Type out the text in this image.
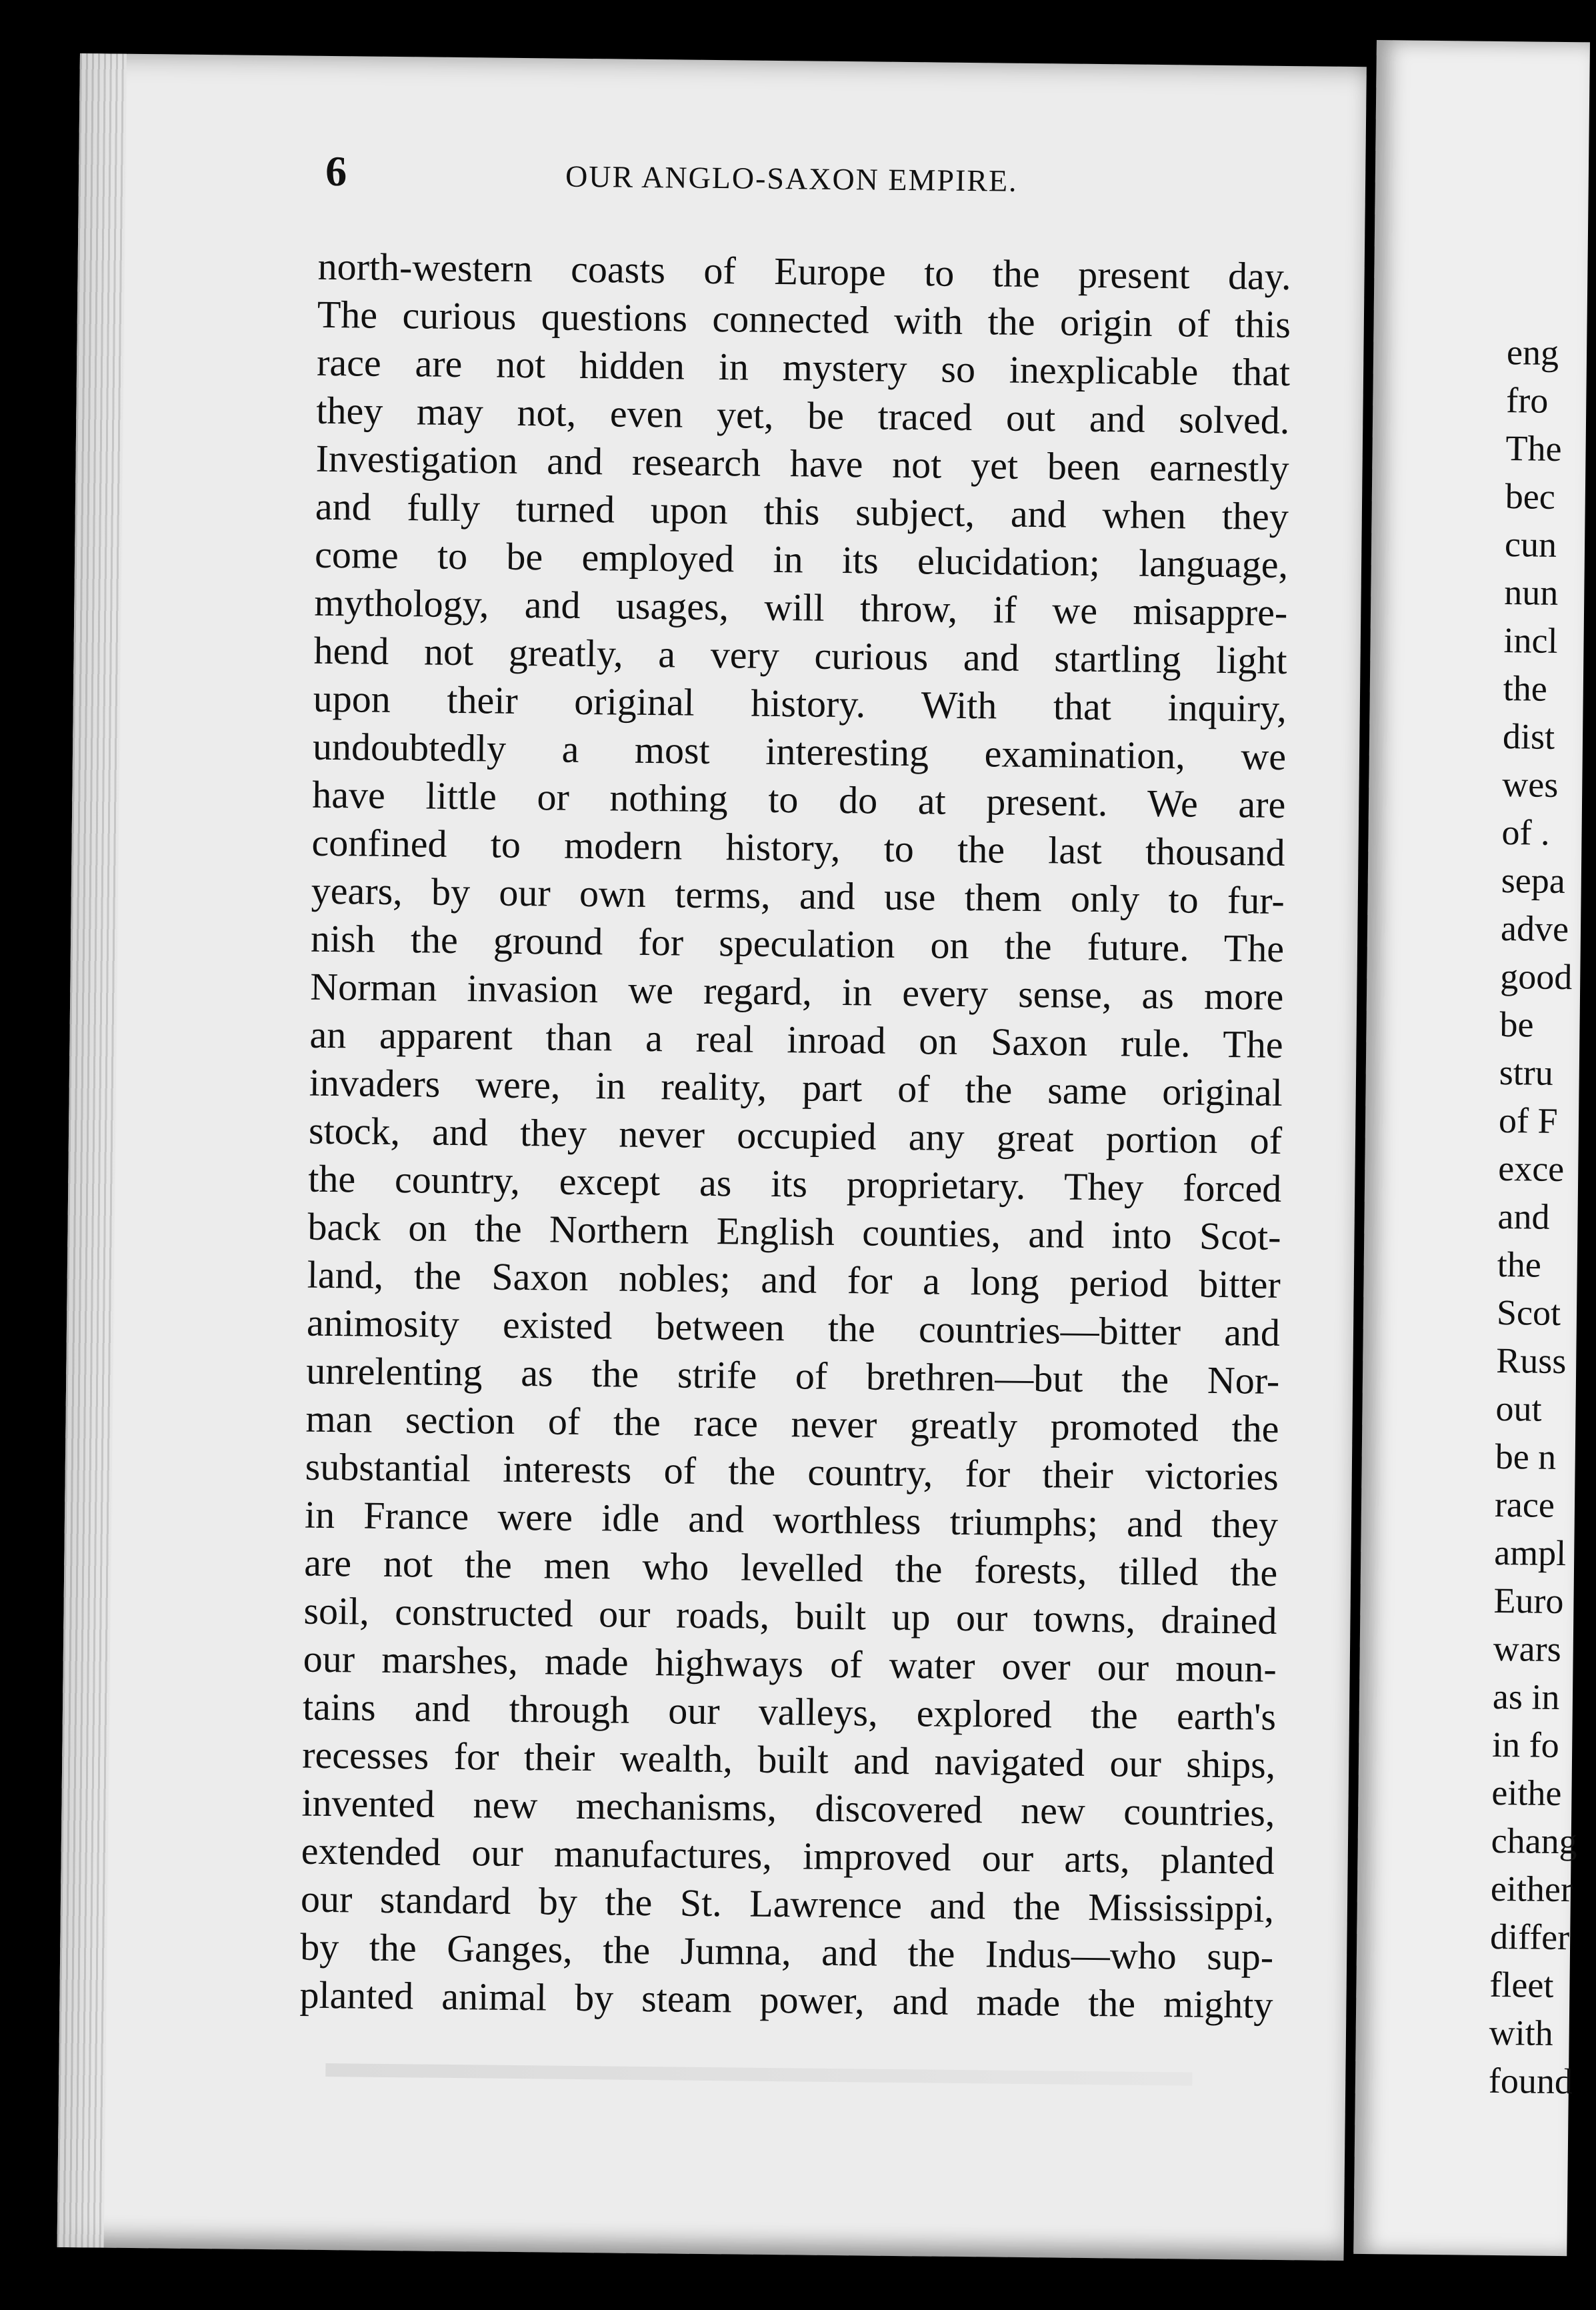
6	OUR ANGLO-SAXON EMPIRE.
north-western coasts of Europe to the present day.
The curious questions connected with the origin of this
race are not hidden in mystery so inexplicable that
they may not, even yet, be traced out and solved.
Investigation and research have not yet been earnestly
and fully turned upon this subject, and when they
come to be employed in its elucidation; language,
mythology, and usages, will throw, if we misappre-
hend not greatly, a very curious and startling light
upon their original history. With that inquiry,
undoubtedly a most interesting examination, we
have little or nothing to do at present. We are
confined to modern history, to the last thousand
years, by our own terms, and use them only to fur-
nish the ground for speculation on the future. The
Norman invasion we regard, in every sense, as more
an apparent than a real inroad on Saxon rule. The
invaders were, in reality, part of the same original
stock, and they never occupied any great portion of
the country, except as its proprietary. They forced
back on the Northern English counties, and into Scot-
land, the Saxon nobles; and for a long period bitter
animosity existed between the countries—bitter and
unrelenting as the strife of brethren—but the Nor-
man section of the race never greatly promoted the
substantial interests of the country, for their victories
in France were idle and worthless triumphs; and they
are not the men who levelled the forests, tilled the
soil, constructed our roads, built up our towns, drained
our marshes, made highways of water over our moun-
tains and through our valleys, explored the earth's
recesses for their wealth, built and navigated our ships,
invented new mechanisms, discovered new countries,
extended our manufactures, improved our arts, planted
our standard by the St. Lawrence and the Mississippi,
by the Ganges, the Jumna, and the Indus—who sup-
planted animal by steam power, and made the mighty
eng
fro
The
bec
cun
nun
incl
the
dist
wes
of .
sepa
adve
good
be
stru
of F
exce
and
the
Scot
Russ
out
be n
race
ampl
Euro
wars
as in
in fo
eithe
chang
either
differ
fleet
with
found
